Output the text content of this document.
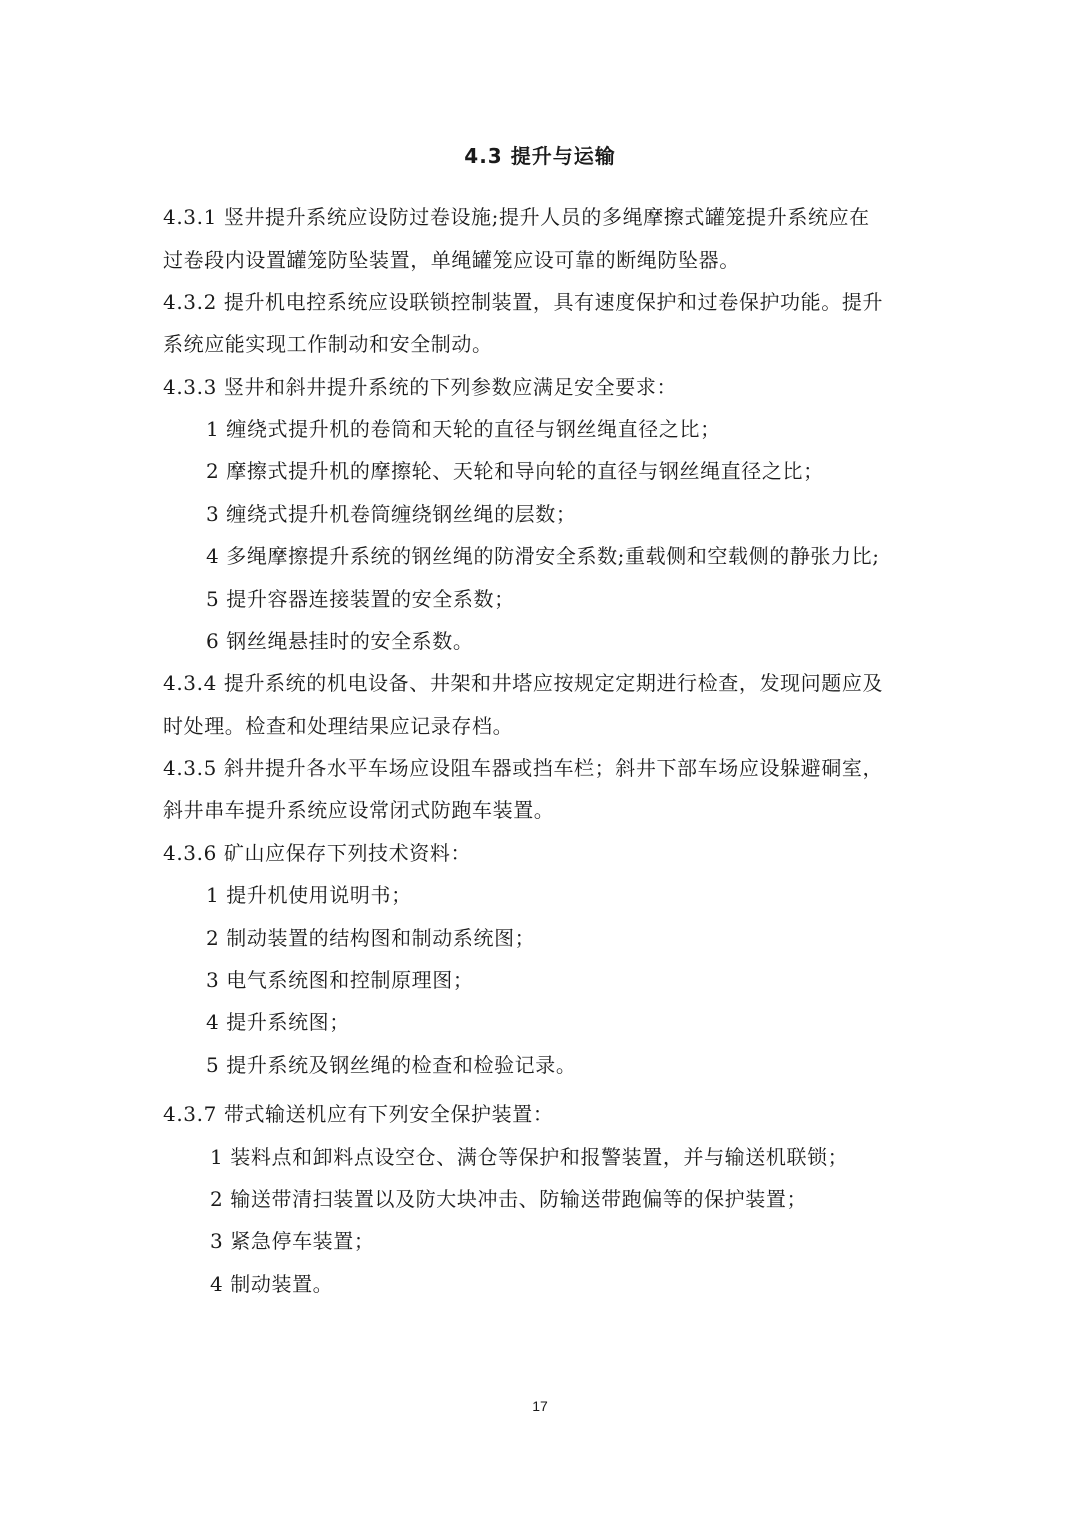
4.3 提升与运输
4.3.1 竖井提升系统应设防过卷设施;提升人员的多绳摩擦式罐笼提升系统应在
过卷段内设置罐笼防坠装置，单绳罐笼应设可靠的断绳防坠器。
4.3.2 提升机电控系统应设联锁控制装置，具有速度保护和过卷保护功能。提升
系统应能实现工作制动和安全制动。
4.3.3 竖井和斜井提升系统的下列参数应满足安全要求：
1 缠绕式提升机的卷筒和天轮的直径与钢丝绳直径之比；
2 摩擦式提升机的摩擦轮、天轮和导向轮的直径与钢丝绳直径之比；
3 缠绕式提升机卷筒缠绕钢丝绳的层数；
4 多绳摩擦提升系统的钢丝绳的防滑安全系数;重载侧和空载侧的静张力比;
5 提升容器连接装置的安全系数；
6 钢丝绳悬挂时的安全系数。
4.3.4 提升系统的机电设备、井架和井塔应按规定定期进行检查，发现问题应及
时处理。检查和处理结果应记录存档。
4.3.5 斜井提升各水平车场应设阻车器或挡车栏；斜井下部车场应设躲避硐室，
斜井串车提升系统应设常闭式防跑车装置。
4.3.6 矿山应保存下列技术资料：
1 提升机使用说明书；
2 制动装置的结构图和制动系统图；
3 电气系统图和控制原理图；
4 提升系统图；
5 提升系统及钢丝绳的检查和检验记录。
4.3.7 带式输送机应有下列安全保护装置：
1 装料点和卸料点设空仓、满仓等保护和报警装置，并与输送机联锁；
2 输送带清扫装置以及防大块冲击、防输送带跑偏等的保护装置；
3 紧急停车装置；
4 制动装置。
17
